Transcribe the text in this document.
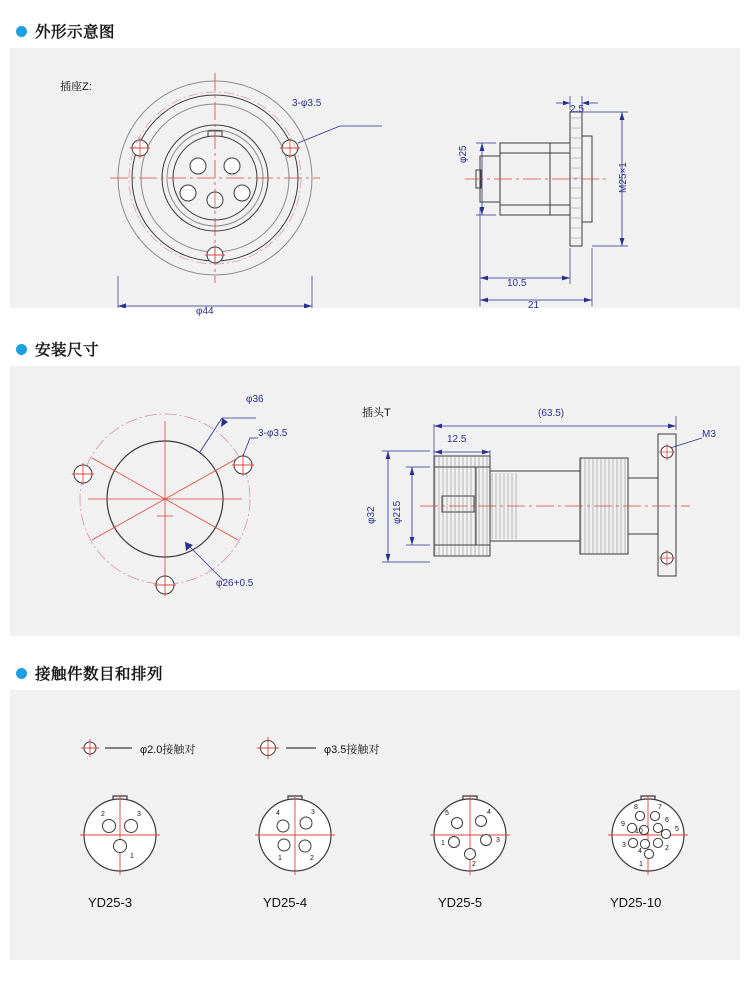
外形示意图
插座Z:
3-φ3.5
φ44
2.5
φ25
M25×1
10.5
21
安装尺寸
插头T
φ36
3-φ3.5
φ26+0.5
(63.5)
12.5
φ32 φ215
M3
接触件数目和排列
2	3
1
4	3
1	2
5	4
3
1
2
8	7
9
10
6
5
3
4	2
1
φ2.0接触对	φ3.5接触对
YD25-3	YD25-4	YD25-5	YD25-10
